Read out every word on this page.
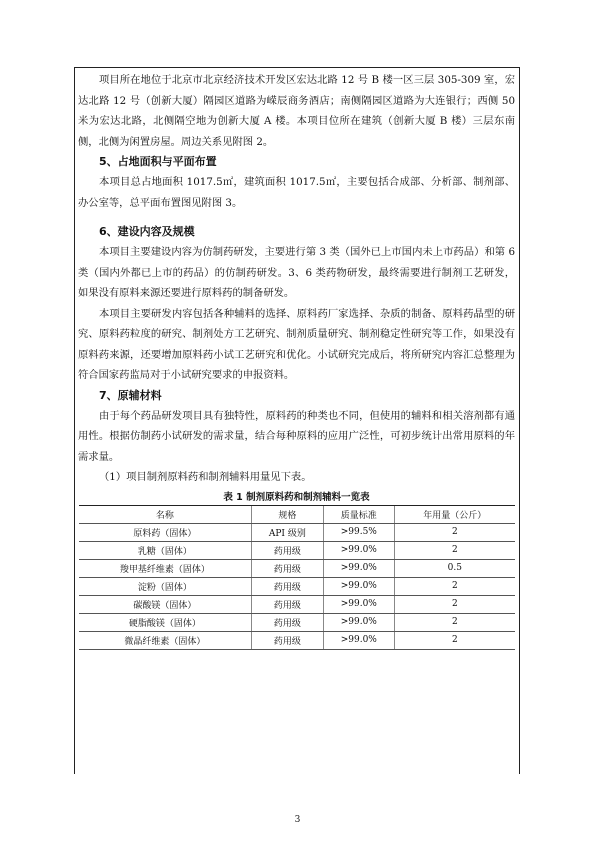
项目所在地位于北京市北京经济技术开发区宏达北路 12 号 B 楼一区三层 305-309 室，宏达北路 12 号（创新大厦）隔园区道路为嵘辰商务酒店；南侧隔园区道路为大连银行；西侧 50 米为宏达北路，北侧隔空地为创新大厦 A 楼。本项目位所在建筑（创新大厦 B 楼）三层东南侧，北侧为闲置房屋。周边关系见附图 2。

5、占地面积与平面布置

本项目总占地面积 1017.5㎡，建筑面积 1017.5㎡，主要包括合成部、分析部、制剂部、办公室等，总平面布置图见附图 3。

6、建设内容及规模

本项目主要建设内容为仿制药研发，主要进行第 3 类（国外已上市国内未上市药品）和第 6 类（国内外都已上市的药品）的仿制药研发。3、6 类药物研发，最终需要进行制剂工艺研发，如果没有原料来源还要进行原料药的制备研发。

本项目主要研发内容包括各种辅料的选择、原料药厂家选择、杂质的制备、原料药晶型的研究、原料药粒度的研究、制剂处方工艺研究、制剂质量研究、制剂稳定性研究等工作，如果没有原料药来源，还要增加原料药小试工艺研究和优化。小试研究完成后，将所研究内容汇总整理为符合国家药监局对于小试研究要求的申报资料。

7、原辅材料

由于每个药品研发项目具有独特性，原料药的种类也不同，但使用的辅料和相关溶剂都有通用性。根据仿制药小试研发的需求量，结合每种原料的应用广泛性，可初步统计出常用原料的年需求量。

（1）项目制剂原料药和制剂辅料用量见下表。

表 1 制剂原料药和制剂辅料一览表
名称	规格	质量标准	年用量（公斤）
原料药（固体）	API 级别	>99.5%	2
乳糖（固体）	药用级	>99.0%	2
羧甲基纤维素（固体）	药用级	>99.0%	0.5
淀粉（固体）	药用级	>99.0%	2
碳酸镁（固体）	药用级	>99.0%	2
硬脂酸镁（固体）	药用级	>99.0%	2
微晶纤维素（固体）	药用级	>99.0%	2
3
